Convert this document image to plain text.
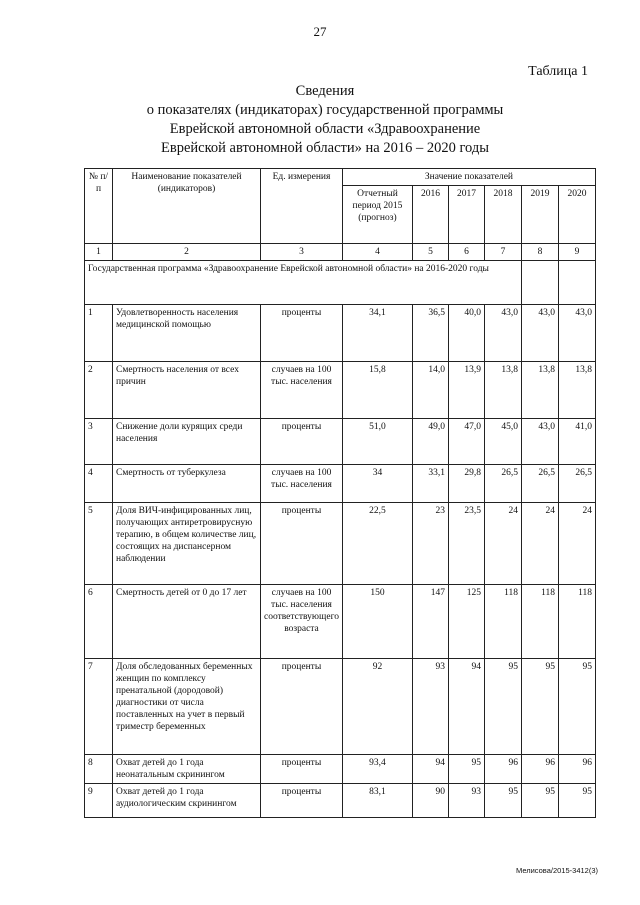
27
Таблица 1
Сведения
о показателях (индикаторах) государственной программы
Еврейской автономной области «Здравоохранение
Еврейской автономной области» на 2016 – 2020 годы
№ п/п	Наименование показателей (индикаторов)	Ед. измерения	Значение показателей					
			Отчетный период 2015 (прогноз)	2016	2017	2018	2019	2020
1	2	3	4	5	6	7	8	9
Государственная программа «Здравоохранение Еврейской автономной области» на 2016-2020 годы								
1	Удовлетворенность населения медицинской помощью	проценты	34,1	36,5	40,0	43,0	43,0	43,0
2	Смертность населения от всех причин	случаев на 100 тыс. населения	15,8	14,0	13,9	13,8	13,8	13,8
3	Снижение доли курящих среди населения	проценты	51,0	49,0	47,0	45,0	43,0	41,0
4	Смертность от туберкулеза	случаев на 100 тыс. населения	34	33,1	29,8	26,5	26,5	26,5
5	Доля ВИЧ-инфицированных лиц, получающих антиретровирусную терапию, в общем количестве лиц, состоящих на диспансерном наблюдении	проценты	22,5	23	23,5	24	24	24
6	Смертность детей от 0 до 17 лет	случаев на 100 тыс. населения соответствующего возраста	150	147	125	118	118	118
7	Доля обследованных беременных женщин по комплексу пренатальной (дородовой) диагностики от числа поставленных на учет в первый триместр беременных	проценты	92	93	94	95	95	95
8	Охват детей до 1 года неонатальным скринингом	проценты	93,4	94	95	96	96	96
9	Охват детей до 1 года аудиологическим скринингом	проценты	83,1	90	93	95	95	95
Мелисова/2015-3412(3)
